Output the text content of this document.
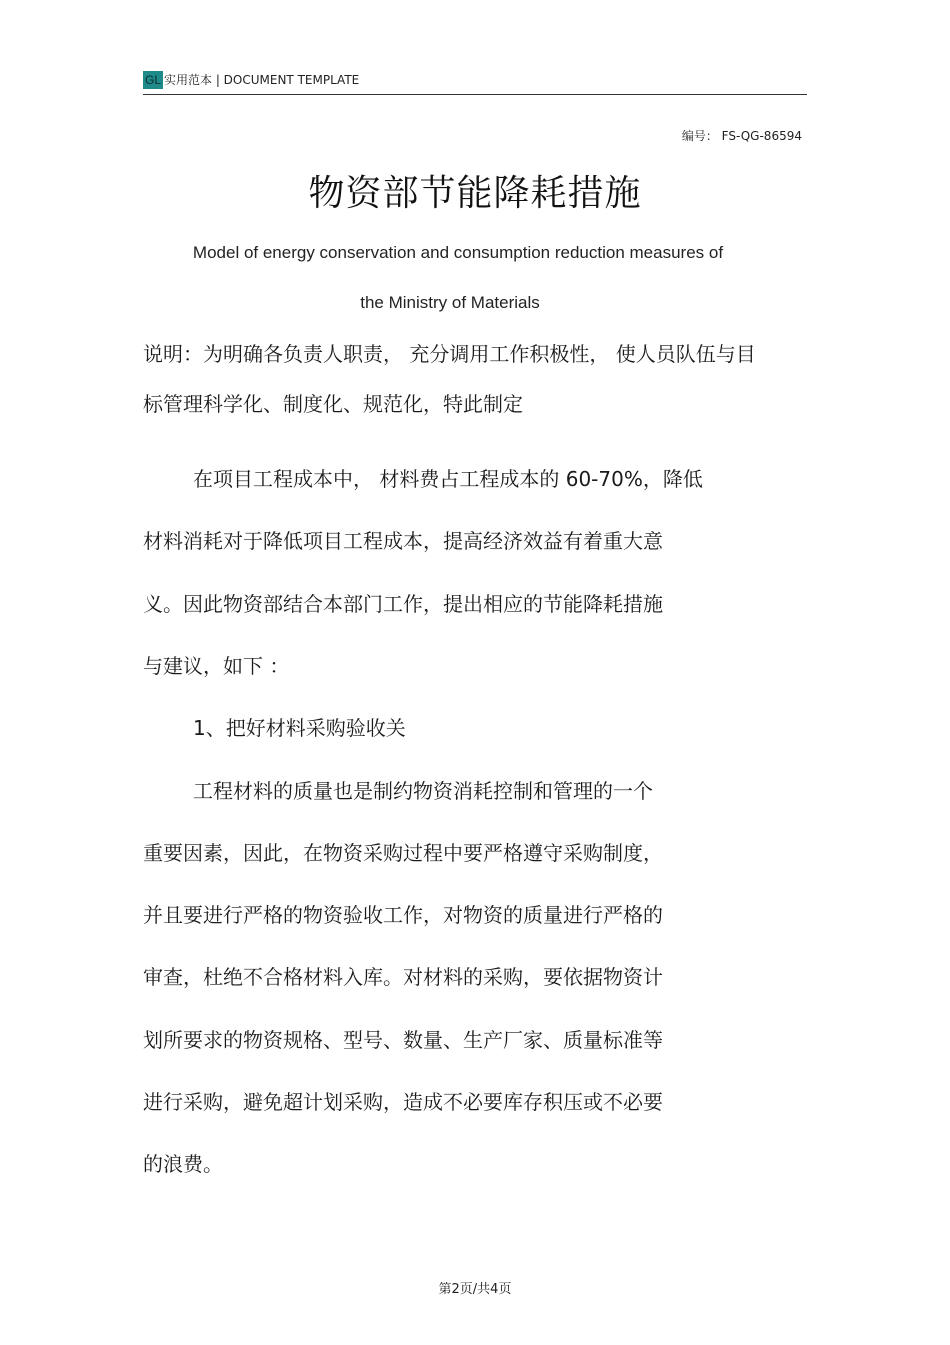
GL 实用范本 | DOCUMENT TEMPLATE
编号： FS-QG-86594
物资部节能降耗措施
Model of energy conservation and consumption reduction measures of
the Ministry of Materials
说明：为明确各负责人职责， 充分调用工作积极性， 使人员队伍与目
标管理科学化、制度化、规范化，特此制定
在项目工程成本中， 材料费占工程成本的 60-70%，降低
材料消耗对于降低项目工程成本，提高经济效益有着重大意
义。因此物资部结合本部门工作，提出相应的节能降耗措施
与建议，如下 ：
1、把好材料采购验收关
工程材料的质量也是制约物资消耗控制和管理的一个
重要因素，因此，在物资采购过程中要严格遵守采购制度，
并且要进行严格的物资验收工作，对物资的质量进行严格的
审查，杜绝不合格材料入库。对材料的采购，要依据物资计
划所要求的物资规格、型号、数量、生产厂家、质量标准等
进行采购，避免超计划采购，造成不必要库存积压或不必要
的浪费。
第2页/共4页
